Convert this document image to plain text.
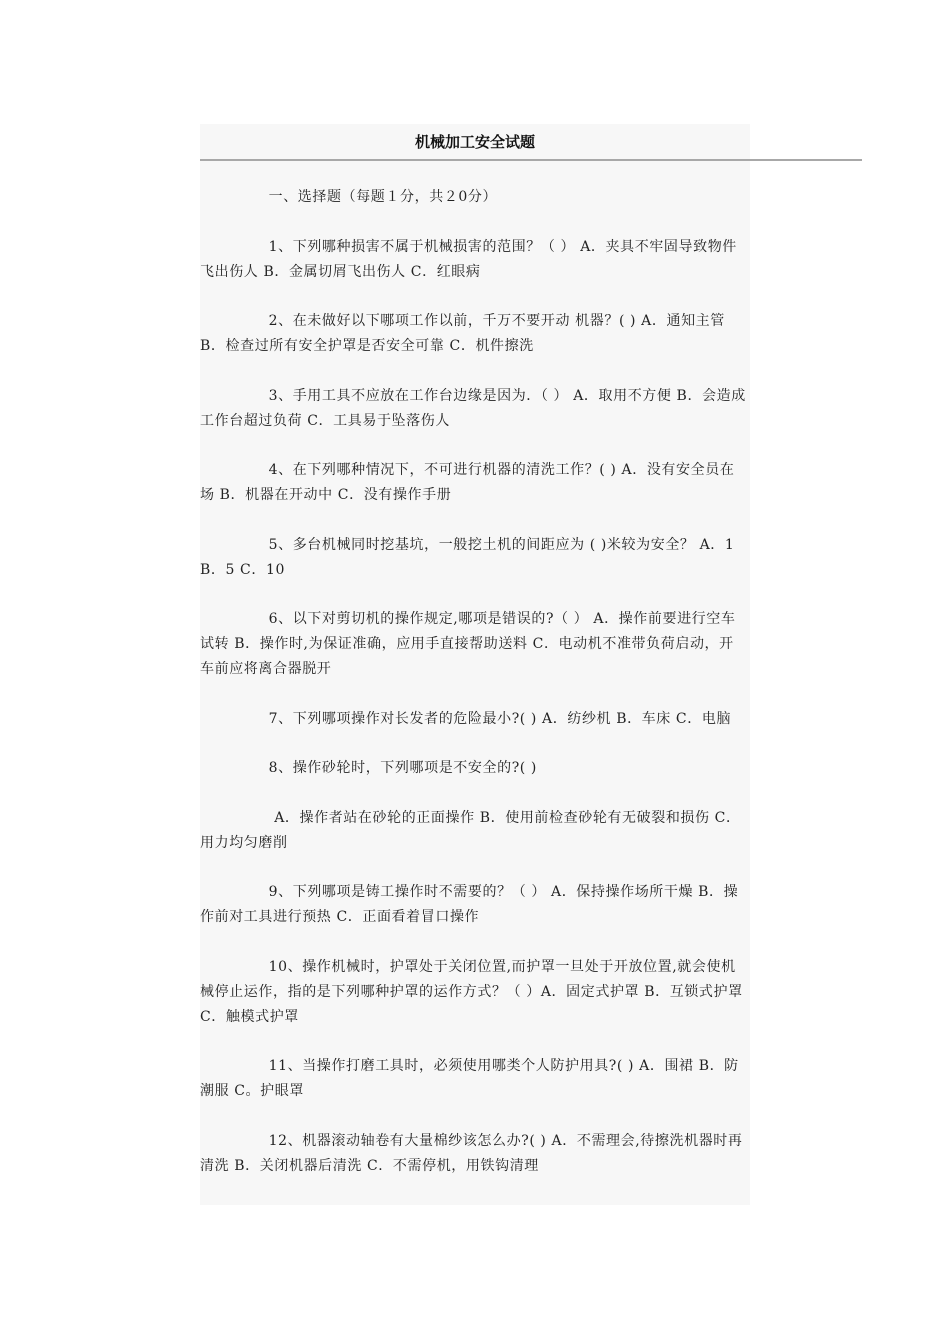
机械加工安全试题

一、选择题（每题１分，共２0分）

1、下列哪种损害不属于机械损害的范围？（ ） A．夹具不牢固导致物件飞出伤人 B．金属切屑飞出伤人 C．红眼病

2、在未做好以下哪项工作以前，千万不要开动 机器？( ) A．通知主管 B．检查过所有安全护罩是否安全可靠 C．机件擦洗

3、手用工具不应放在工作台边缘是因为．（ ） A．取用不方便 B．会造成工作台超过负荷 C．工具易于坠落伤人

4、在下列哪种情况下，不可进行机器的清洗工作？( ) A．没有安全员在场 B．机器在开动中 C．没有操作手册

5、多台机械同时挖基坑，一般挖土机的间距应为 ( )米较为安全？ A．1 B．5 C．10

6、以下对剪切机的操作规定,哪项是错误的?（ ） A．操作前要进行空车试转 B．操作时,为保证准确，应用手直接帮助送料 C．电动机不准带负荷启动，开车前应将离合器脱开

7、下列哪项操作对长发者的危险最小?( ) A．纺纱机 B．车床 C．电脑

8、操作砂轮时，下列哪项是不安全的?( )

A．操作者站在砂轮的正面操作 B．使用前检查砂轮有无破裂和损伤 C．用力均匀磨削

9、下列哪项是铸工操作时不需要的？（ ） A．保持操作场所干燥 B．操作前对工具进行预热 C．正面看着冒口操作

10、操作机械时，护罩处于关闭位置,而护罩一旦处于开放位置,就会使机械停止运作，指的是下列哪种护罩的运作方式？（ ）A．固定式护罩 B．互锁式护罩 C．触模式护罩

11、当操作打磨工具时，必须使用哪类个人防护用具?( ) A．围裙 B．防潮服 C。护眼罩

12、机器滚动轴卷有大量棉纱该怎么办?( ) A．不需理会,待擦洗机器时再清洗 B．关闭机器后清洗 C．不需停机，用铁钩清理
